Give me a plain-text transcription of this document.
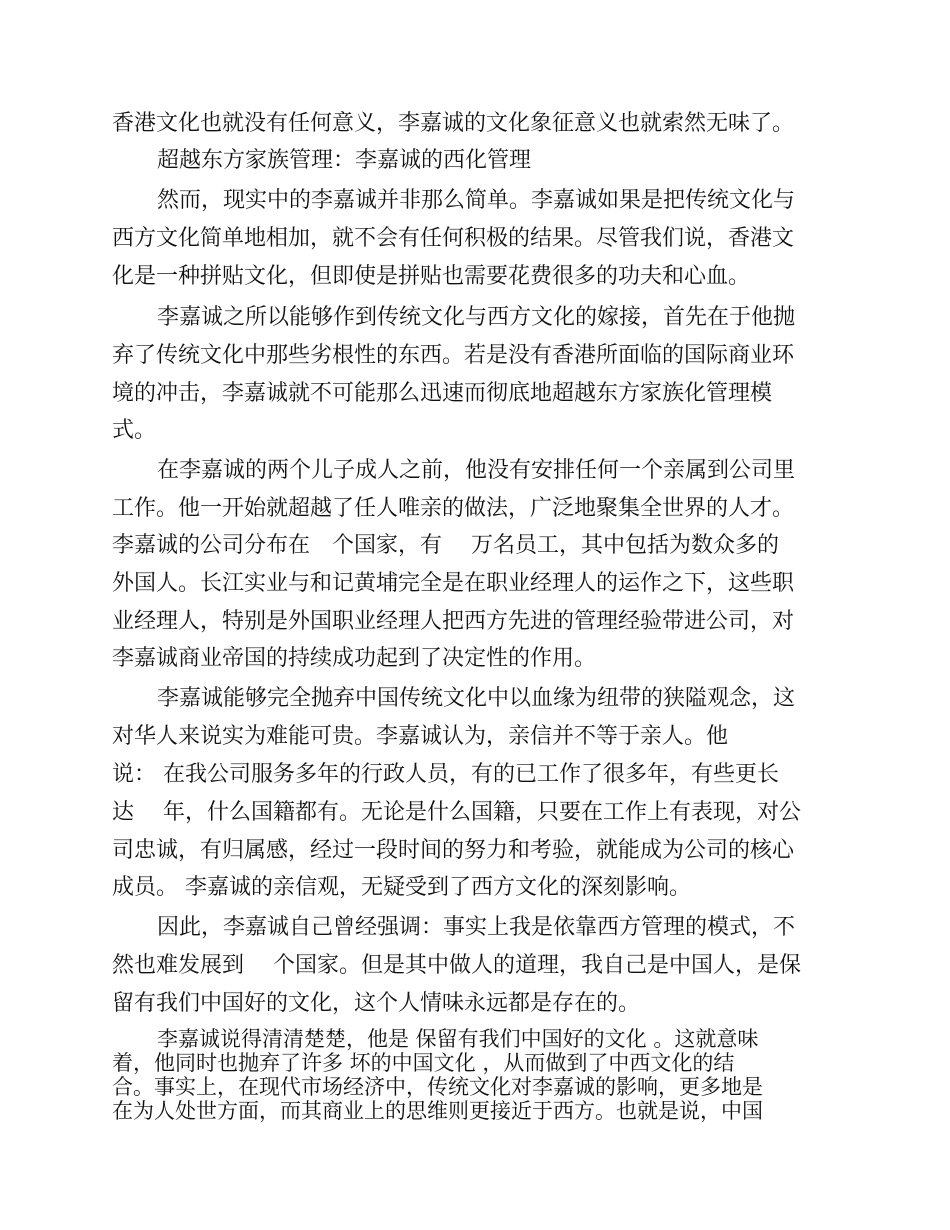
香港文化也就没有任何意义，李嘉诚的文化象征意义也就索然无味了。
超越东方家族管理：李嘉诚的西化管理
然而，现实中的李嘉诚并非那么简单。李嘉诚如果是把传统文化与
西方文化简单地相加，就不会有任何积极的结果。尽管我们说，香港文
化是一种拼贴文化，但即使是拼贴也需要花费很多的功夫和心血。
李嘉诚之所以能够作到传统文化与西方文化的嫁接，首先在于他抛
弃了传统文化中那些劣根性的东西。若是没有香港所面临的国际商业环
境的冲击，李嘉诚就不可能那么迅速而彻底地超越东方家族化管理模
式。
在李嘉诚的两个儿子成人之前，他没有安排任何一个亲属到公司里
工作。他一开始就超越了任人唯亲的做法，广泛地聚集全世界的人才。
李嘉诚的公司分布在　个国家，有　 万名员工，其中包括为数众多的
外国人。长江实业与和记黄埔完全是在职业经理人的运作之下，这些职
业经理人，特别是外国职业经理人把西方先进的管理经验带进公司，对
李嘉诚商业帝国的持续成功起到了决定性的作用。
李嘉诚能够完全抛弃中国传统文化中以血缘为纽带的狭隘观念，这
对华人来说实为难能可贵。李嘉诚认为，亲信并不等于亲人。他
说： 在我公司服务多年的行政人员，有的已工作了很多年，有些更长
达　 年，什么国籍都有。无论是什么国籍，只要在工作上有表现，对公
司忠诚，有归属感，经过一段时间的努力和考验，就能成为公司的核心
成员。 李嘉诚的亲信观，无疑受到了西方文化的深刻影响。
因此，李嘉诚自己曾经强调：事实上我是依靠西方管理的模式，不
然也难发展到　 个国家。但是其中做人的道理，我自己是中国人，是保
留有我们中国好的文化，这个人情味永远都是存在的。
李嘉诚说得清清楚楚，他是 保留有我们中国好的文化 。这就意味
着，他同时也抛弃了许多 坏的中国文化 ，从而做到了中西文化的结
合。事实上，在现代市场经济中，传统文化对李嘉诚的影响，更多地是
在为人处世方面，而其商业上的思维则更接近于西方。也就是说，中国
